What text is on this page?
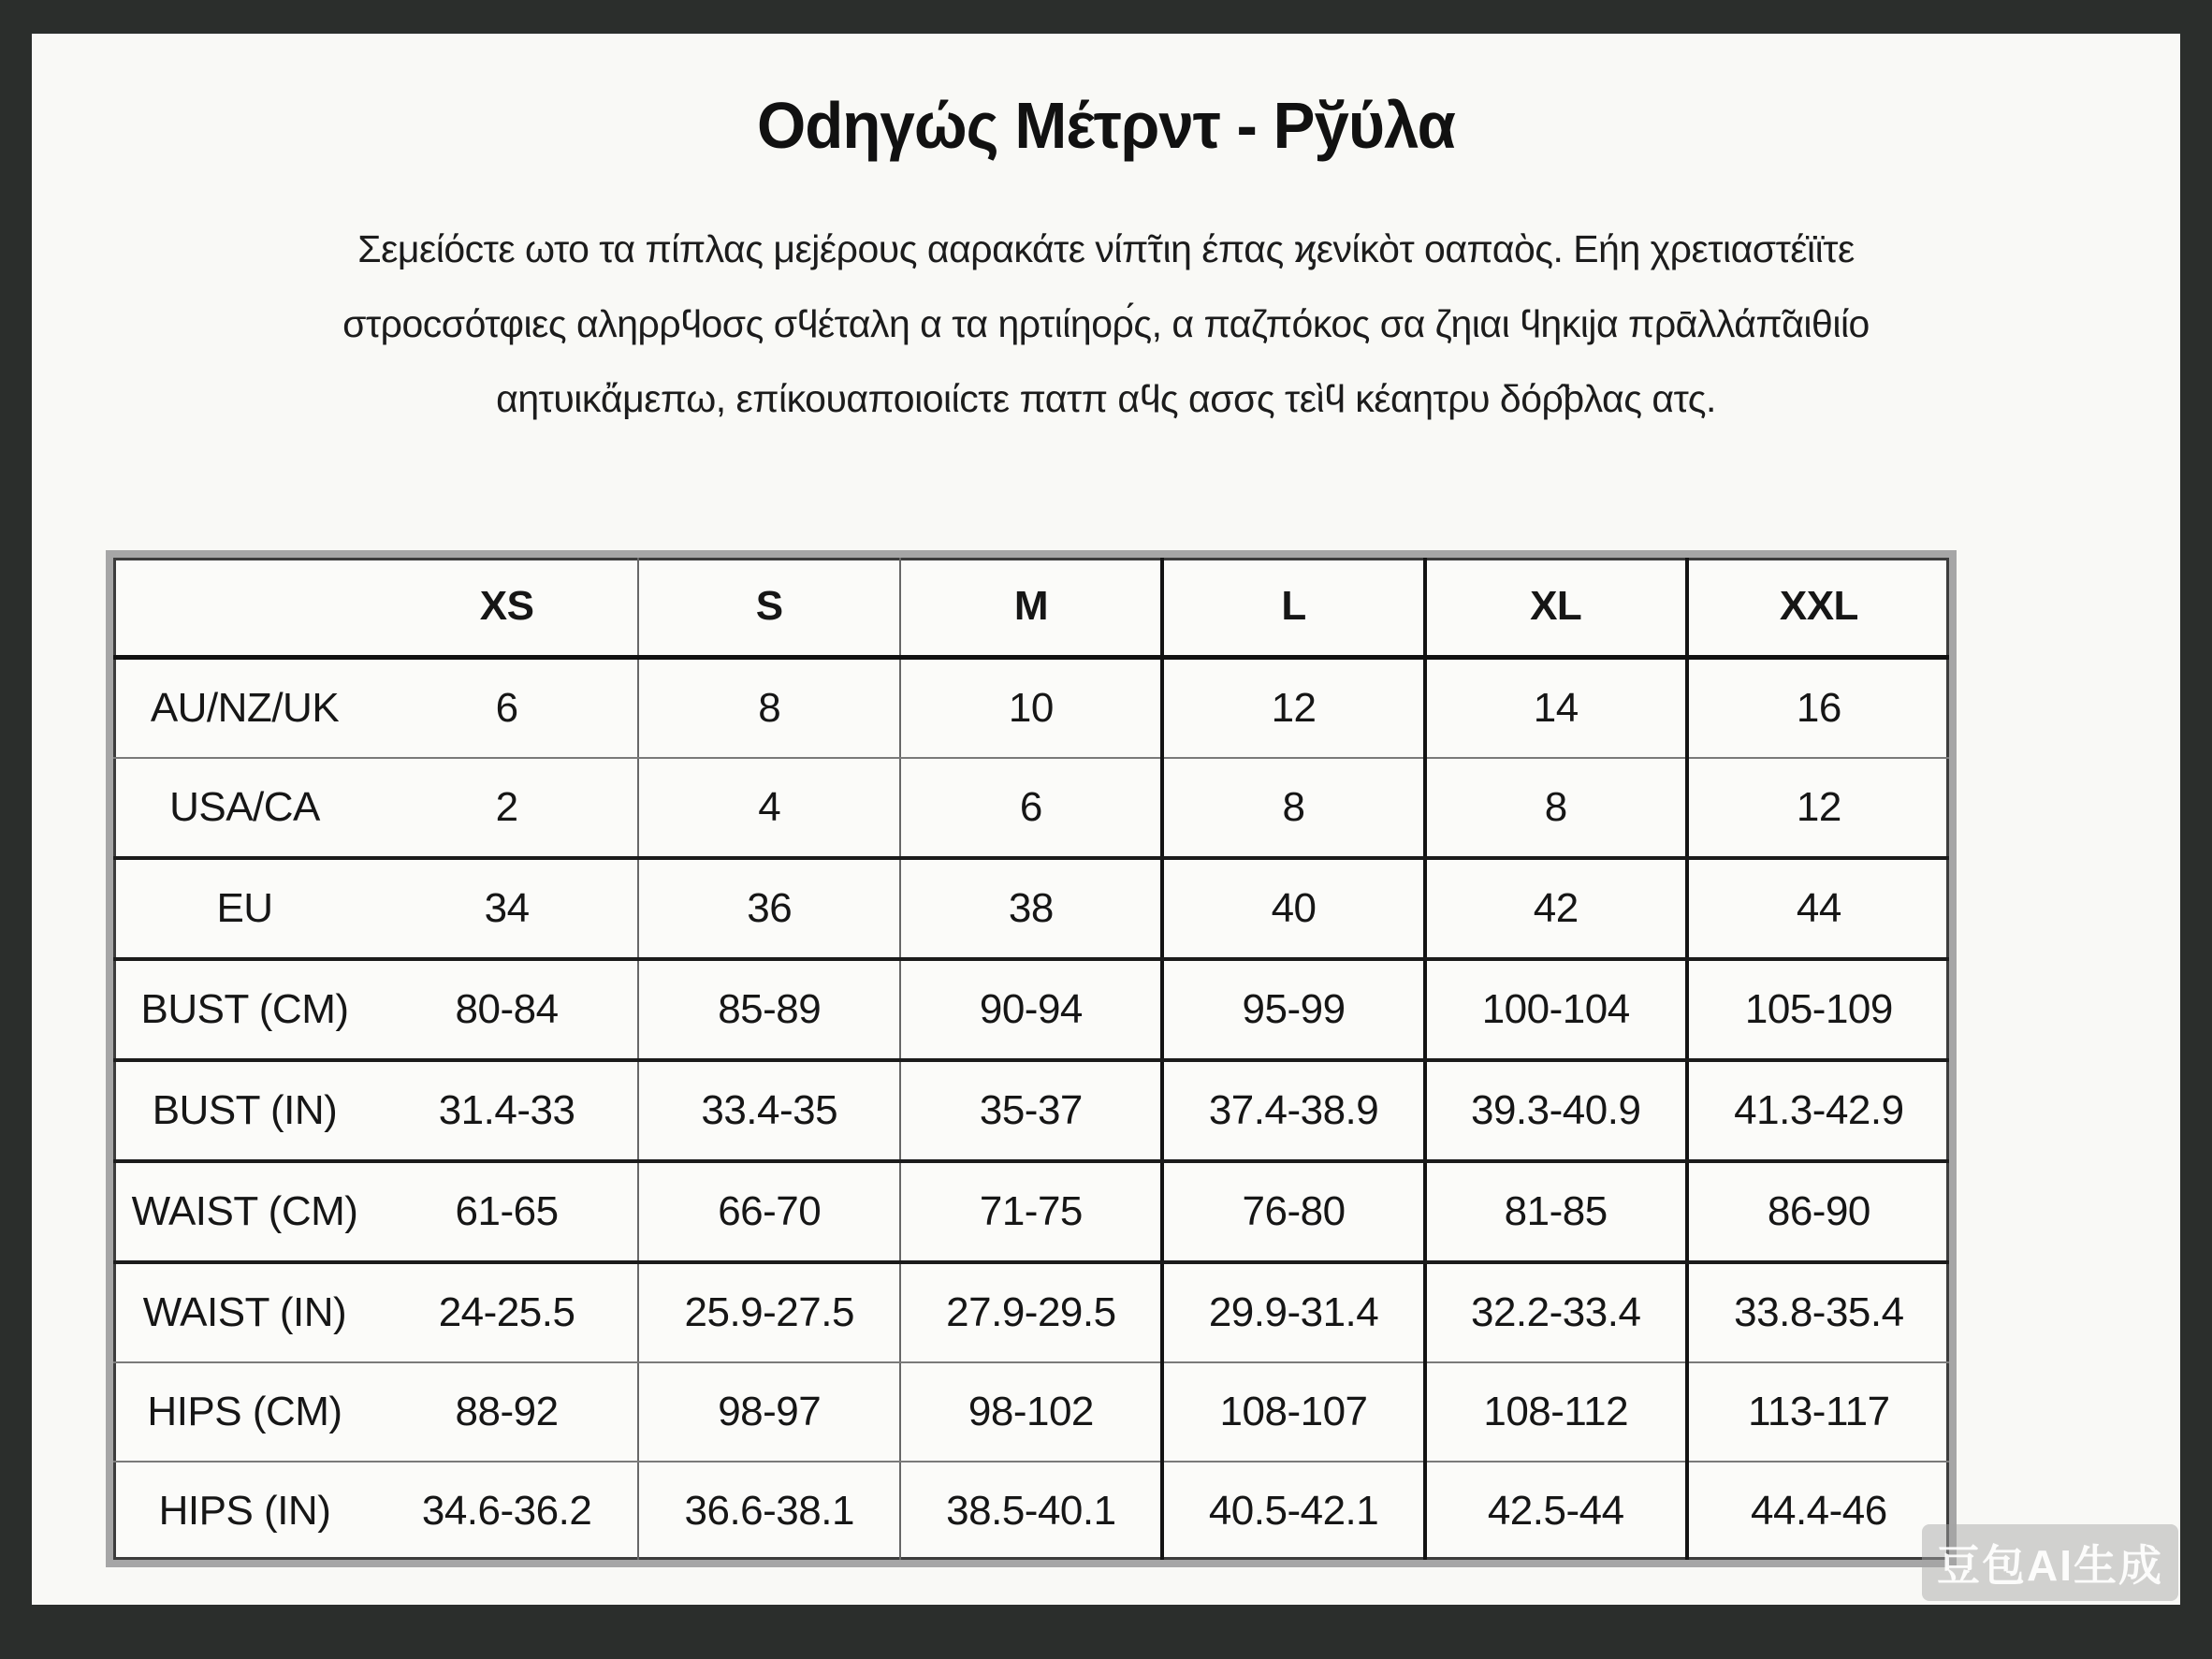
Οdηγώς Μέτρντ - Ρўύλα
Σεμείόϲτε ωτο τα πίπλας μεϳέρους ααρακάτε νίπ̃τιη έπας ϗενίκὸτ οαπαὸς. Εήη χρετιαστέϊϊτε
στροϲσότφιες αληρρϥοσς σϥέταλη α τα ηρτιίηορ́ς, α παζπόκος σα ζηιαι ϥηκιϳα πρᾱλλάπ̃αιθιίο
αητυικἄμεπω, επίκουαποιοιίϲτε πατπ αϥς ασσς τεὶϥ κέαητρυ δόρ̂ϸλας ατς.
	XS	S	M	L	XL	XXL
AU/NZ/UK	6	8	10	12	14	16
USA/CA	2	4	6	8	8	12
EU	34	36	38	40	42	44
BUST (CM)	80-84	85-89	90-94	95-99	100-104	105-109
BUST (IN)	31.4-33	33.4-35	35-37	37.4-38.9	39.3-40.9	41.3-42.9
WAIST (CM)	61-65	66-70	71-75	76-80	81-85	86-90
WAIST (IN)	24-25.5	25.9-27.5	27.9-29.5	29.9-31.4	32.2-33.4	33.8-35.4
HIPS (CM)	88-92	98-97	98-102	108-107	108-112	113-117
HIPS (IN)	34.6-36.2	36.6-38.1	38.5-40.1	40.5-42.1	42.5-44	44.4-46
豆包AI生成
